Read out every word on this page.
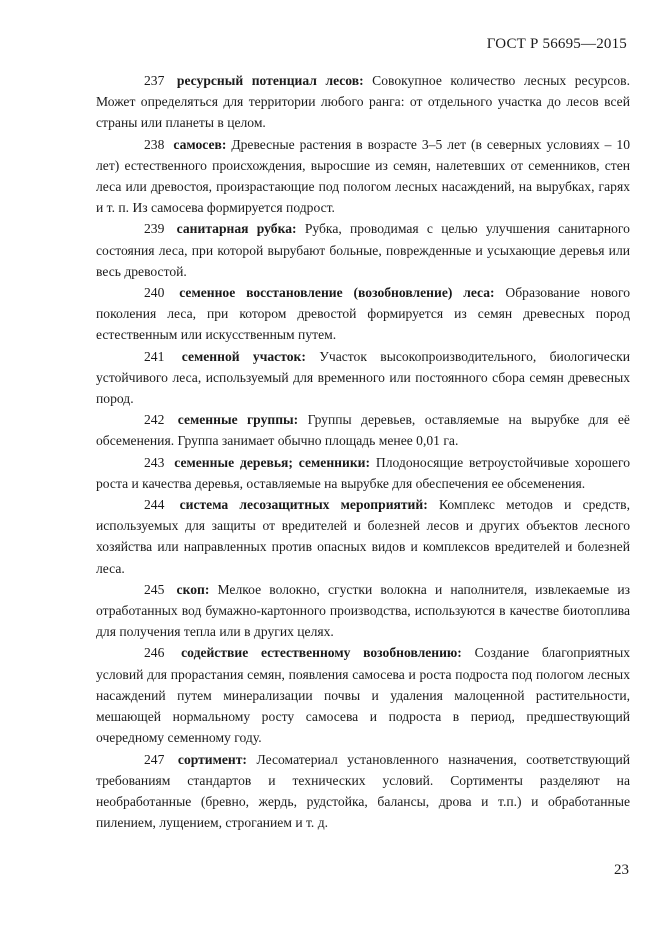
ГОСТ Р 56695—2015

237 ресурсный потенциал лесов: Совокупное количество лесных ресурсов. Может определяться для территории любого ранга: от отдельного участка до лесов всей страны или планеты в целом.

238 самосев: Древесные растения в возрасте 3–5 лет (в северных условиях – 10 лет) естественного происхождения, выросшие из семян, налетевших от семенников, стен леса или древостоя, произрастающие под пологом лесных насаждений, на вырубках, гарях и т. п. Из самосева формируется подрост.

239 санитарная рубка: Рубка, проводимая с целью улучшения санитарного состояния леса, при которой вырубают больные, поврежденные и усыхающие деревья или весь древостой.

240 семенное восстановление (возобновление) леса: Образование нового поколения леса, при котором древостой формируется из семян древесных пород естественным или искусственным путем.

241 семенной участок: Участок высокопроизводительного, биологически устойчивого леса, используемый для временного или постоянного сбора семян древесных пород.

242 семенные группы: Группы деревьев, оставляемые на вырубке для её обсеменения. Группа занимает обычно площадь менее 0,01 га.

243 семенные деревья; семенники: Плодоносящие ветроустойчивые хорошего роста и качества деревья, оставляемые на вырубке для обеспечения ее обсеменения.

244 система лесозащитных мероприятий: Комплекс методов и средств, используемых для защиты от вредителей и болезней лесов и других объектов лесного хозяйства или направленных против опасных видов и комплексов вредителей и болезней леса.

245 скоп: Мелкое волокно, сгустки волокна и наполнителя, извлекаемые из отработанных вод бумажно-картонного производства, используются в качестве биотоплива для получения тепла или в других целях.

246 содействие естественному возобновлению: Создание благоприятных условий для прорастания семян, появления самосева и роста подроста под пологом лесных насаждений путем минерализации почвы и удаления малоценной растительности, мешающей нормальному росту самосева и подроста в период, предшествующий очередному семенному году.

247 сортимент: Лесоматериал установленного назначения, соответствующий требованиям стандартов и технических условий. Сортименты разделяют на необработанные (бревно, жердь, рудстойка, балансы, дрова и т.п.) и обработанные пилением, лущением, строганием и т. д.

23
